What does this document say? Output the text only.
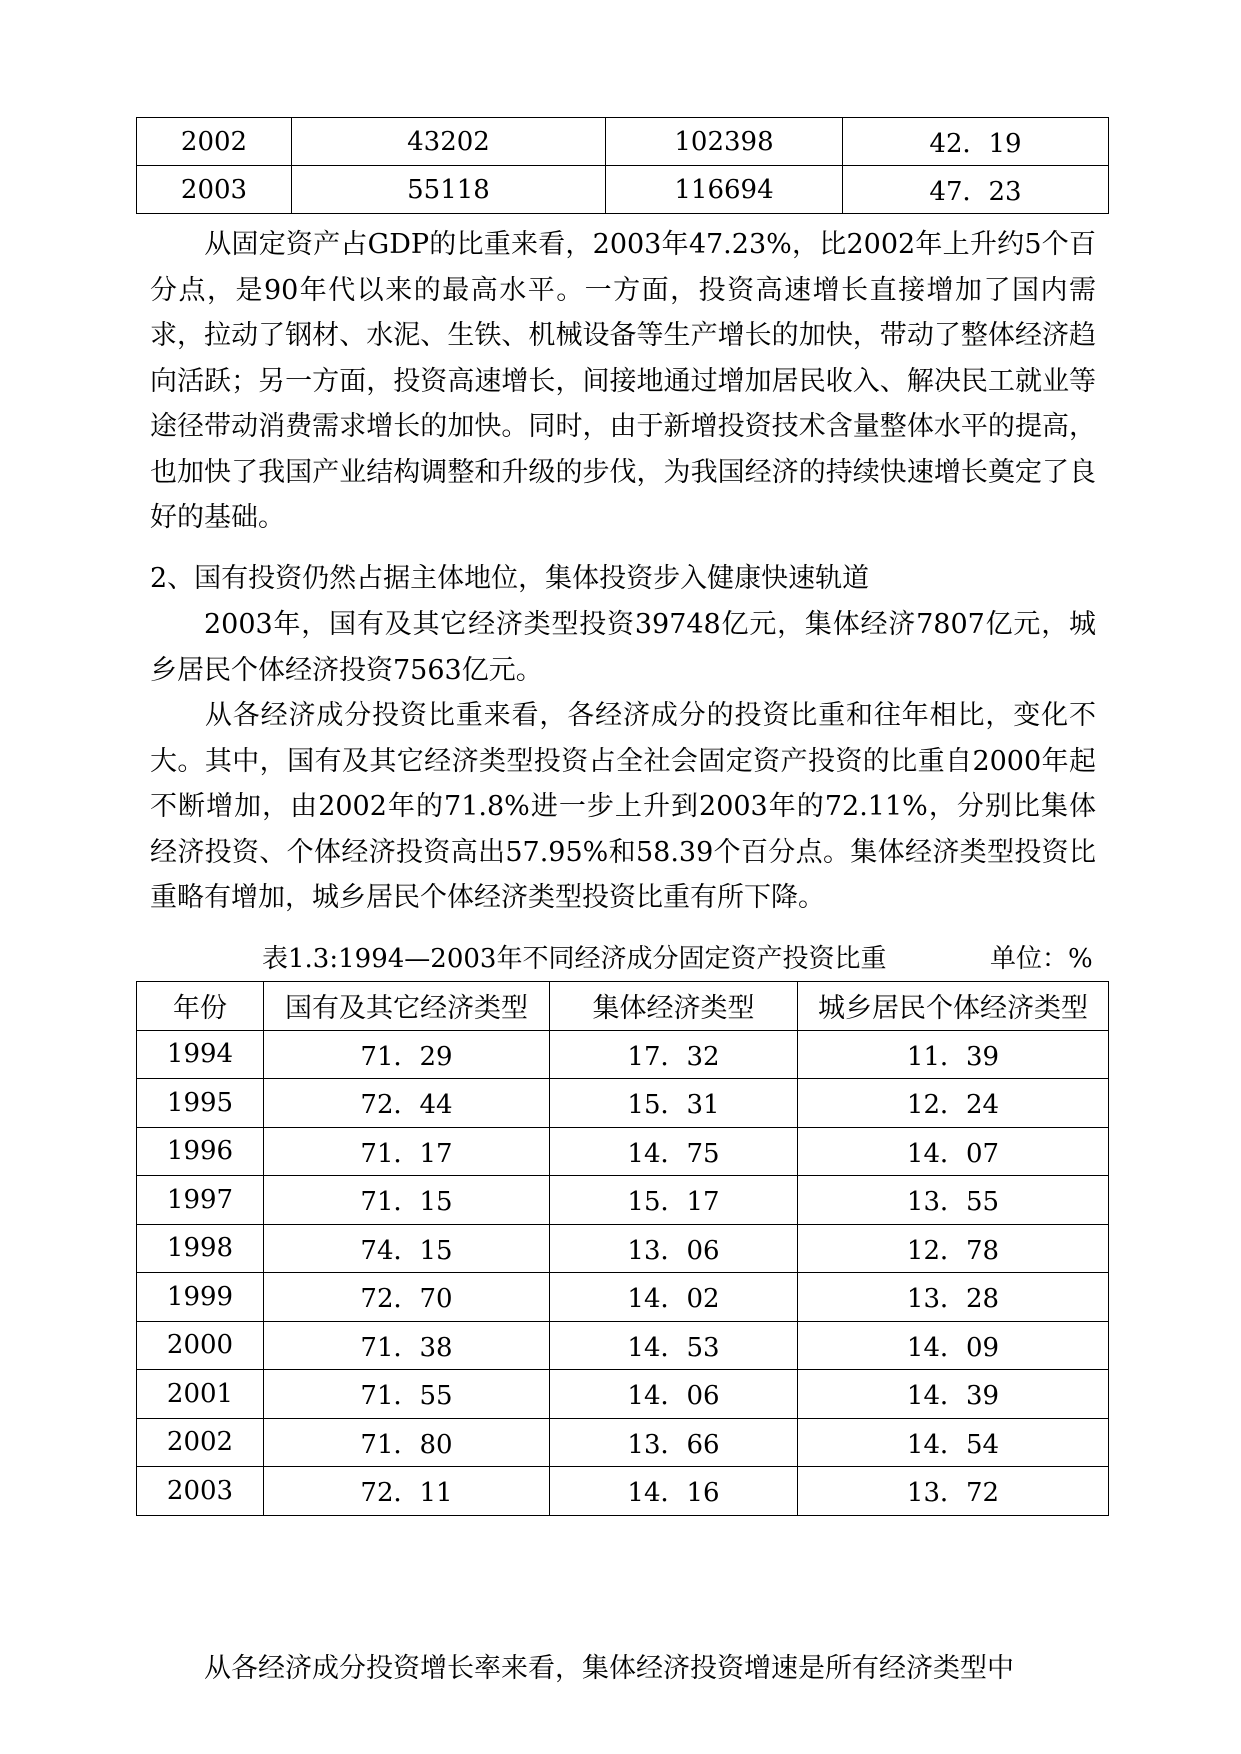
2002	43202	102398	42．19
2003	55118	116694	47．23

从固定资产占GDP的比重来看，2003年47.23%，比2002年上升约5个百分点，是90年代以来的最高水平。一方面，投资高速增长直接增加了国内需求，拉动了钢材、水泥、生铁、机械设备等生产增长的加快，带动了整体经济趋向活跃；另一方面，投资高速增长，间接地通过增加居民收入、解决民工就业等途径带动消费需求增长的加快。同时，由于新增投资技术含量整体水平的提高，也加快了我国产业结构调整和升级的步伐，为我国经济的持续快速增长奠定了良好的基础。

2、国有投资仍然占据主体地位，集体投资步入健康快速轨道

2003年，国有及其它经济类型投资39748亿元，集体经济7807亿元，城乡居民个体经济投资7563亿元。

从各经济成分投资比重来看，各经济成分的投资比重和往年相比，变化不大。其中，国有及其它经济类型投资占全社会固定资产投资的比重自2000年起不断增加，由2002年的71.8%进一步上升到2003年的72.11%，分别比集体经济投资、个体经济投资高出57.95%和58.39个百分点。集体经济类型投资比重略有增加，城乡居民个体经济类型投资比重有所下降。

表1.3:1994—2003年不同经济成分固定资产投资比重	单位：%
年份	国有及其它经济类型	集体经济类型	城乡居民个体经济类型
1994	71．29	17．32	11．39
1995	72．44	15．31	12．24
1996	71．17	14．75	14．07
1997	71．15	15．17	13．55
1998	74．15	13．06	12．78
1999	72．70	14．02	13．28
2000	71．38	14．53	14．09
2001	71．55	14．06	14．39
2002	71．80	13．66	14．54
2003	72．11	14．16	13．72

从各经济成分投资增长率来看，集体经济投资增速是所有经济类型中
